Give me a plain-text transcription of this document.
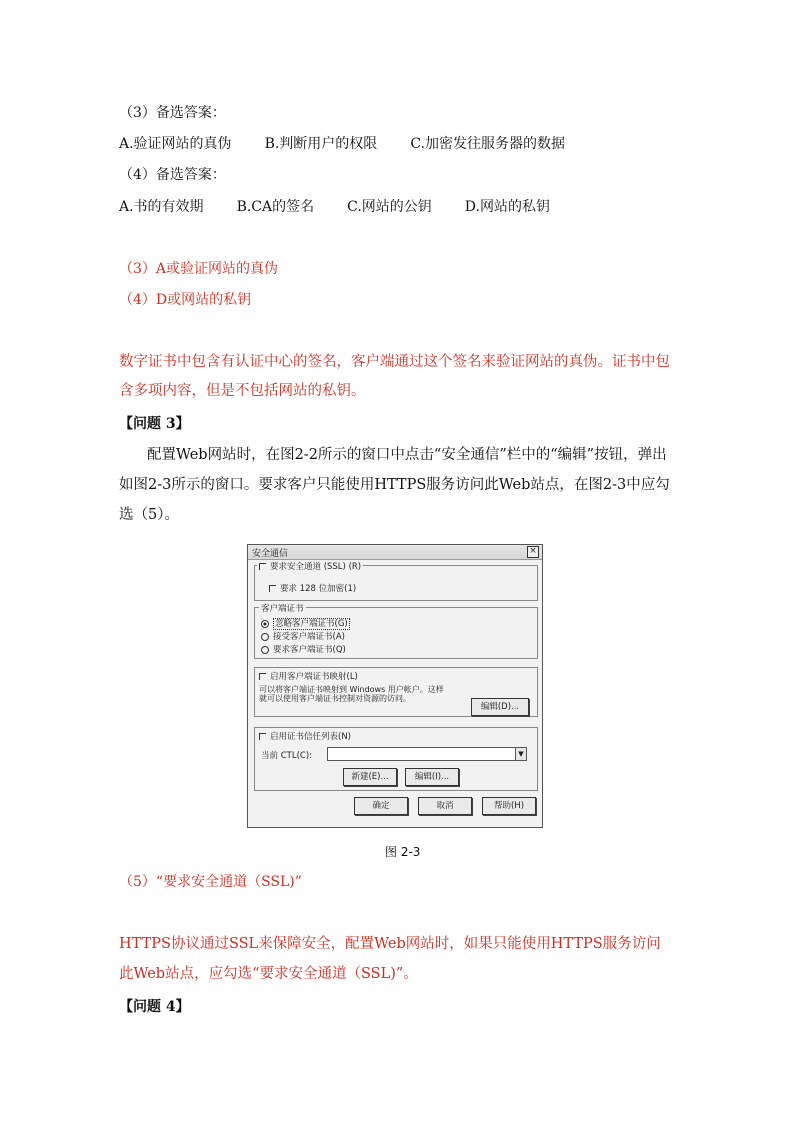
（3）备选答案：
A.验证网站的真伪 B.判断用户的权限 C.加密发往服务器的数据
（4）备选答案：
A.书的有效期 B.CA的签名 C.网站的公钥 D.网站的私钥
（3）A或验证网站的真伪
（4）D或网站的私钥
数字证书中包含有认证中心的签名，客户端通过这个签名来验证网站的真伪。证书中包含多项内容，但是不包括网站的私钥。
【问题 3】
配置Web网站时，在图2-2所示的窗口中点击“安全通信”栏中的“编辑”按钮，弹出如图2-3所示的窗口。要求客户只能使用HTTPS服务访问此Web站点，在图2-3中应勾选（5）。
安全通信	×
要求安全通道 (SSL) (R)
要求 128 位加密(1)
客户端证书
忽略客户端证书(G)
接受客户端证书(A)
要求客户端证书(Q)
启用客户端证书映射(L)
可以将客户端证书映射到 Windows 用户帐户。这样
就可以使用客户端证书控制对资源的访问。
编辑(D)...
启用证书信任列表(N)
当前 CTL(C):	▼
新建(E)...	编辑(I)...
确定	取消	帮助(H)
图 2-3
（5）“要求安全通道（SSL)”
HTTPS协议通过SSL来保障安全，配置Web网站时，如果只能使用HTTPS服务访问此Web站点，应勾选“要求安全通道（SSL)”。
【问题 4】
